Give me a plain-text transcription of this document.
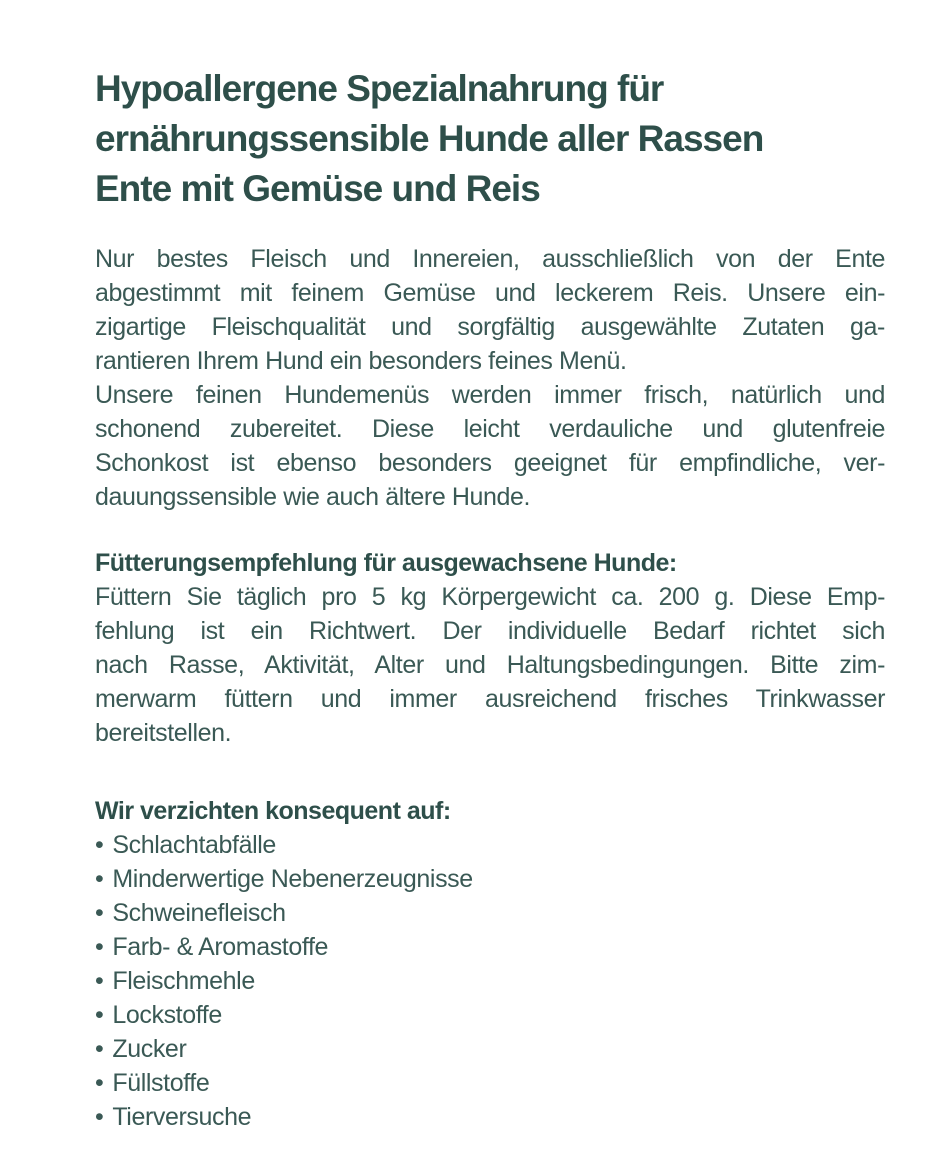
Hypoallergene Spezialnahrung für
ernährungssensible Hunde aller Rassen
Ente mit Gemüse und Reis
Nur bestes Fleisch und Innereien, ausschließlich von der Ente
abgestimmt mit feinem Gemüse und leckerem Reis. Unsere ein-
zigartige Fleischqualität und sorgfältig ausgewählte Zutaten ga-
rantieren Ihrem Hund ein besonders feines Menü.
Unsere feinen Hundemenüs werden immer frisch, natürlich und
schonend zubereitet. Diese leicht verdauliche und glutenfreie
Schonkost ist ebenso besonders geeignet für empfindliche, ver-
dauungssensible wie auch ältere Hunde.
Fütterungsempfehlung für ausgewachsene Hunde:
Füttern Sie täglich pro 5 kg Körpergewicht ca. 200 g. Diese Emp-
fehlung ist ein Richtwert. Der individuelle Bedarf richtet sich
nach Rasse, Aktivität, Alter und Haltungsbedingungen. Bitte zim-
merwarm füttern und immer ausreichend frisches Trinkwasser
bereitstellen.
Wir verzichten konsequent auf:
• Schlachtabfälle
• Minderwertige Nebenerzeugnisse
• Schweinefleisch
• Farb- & Aromastoffe
• Fleischmehle
• Lockstoffe
• Zucker
• Füllstoffe
• Tierversuche
